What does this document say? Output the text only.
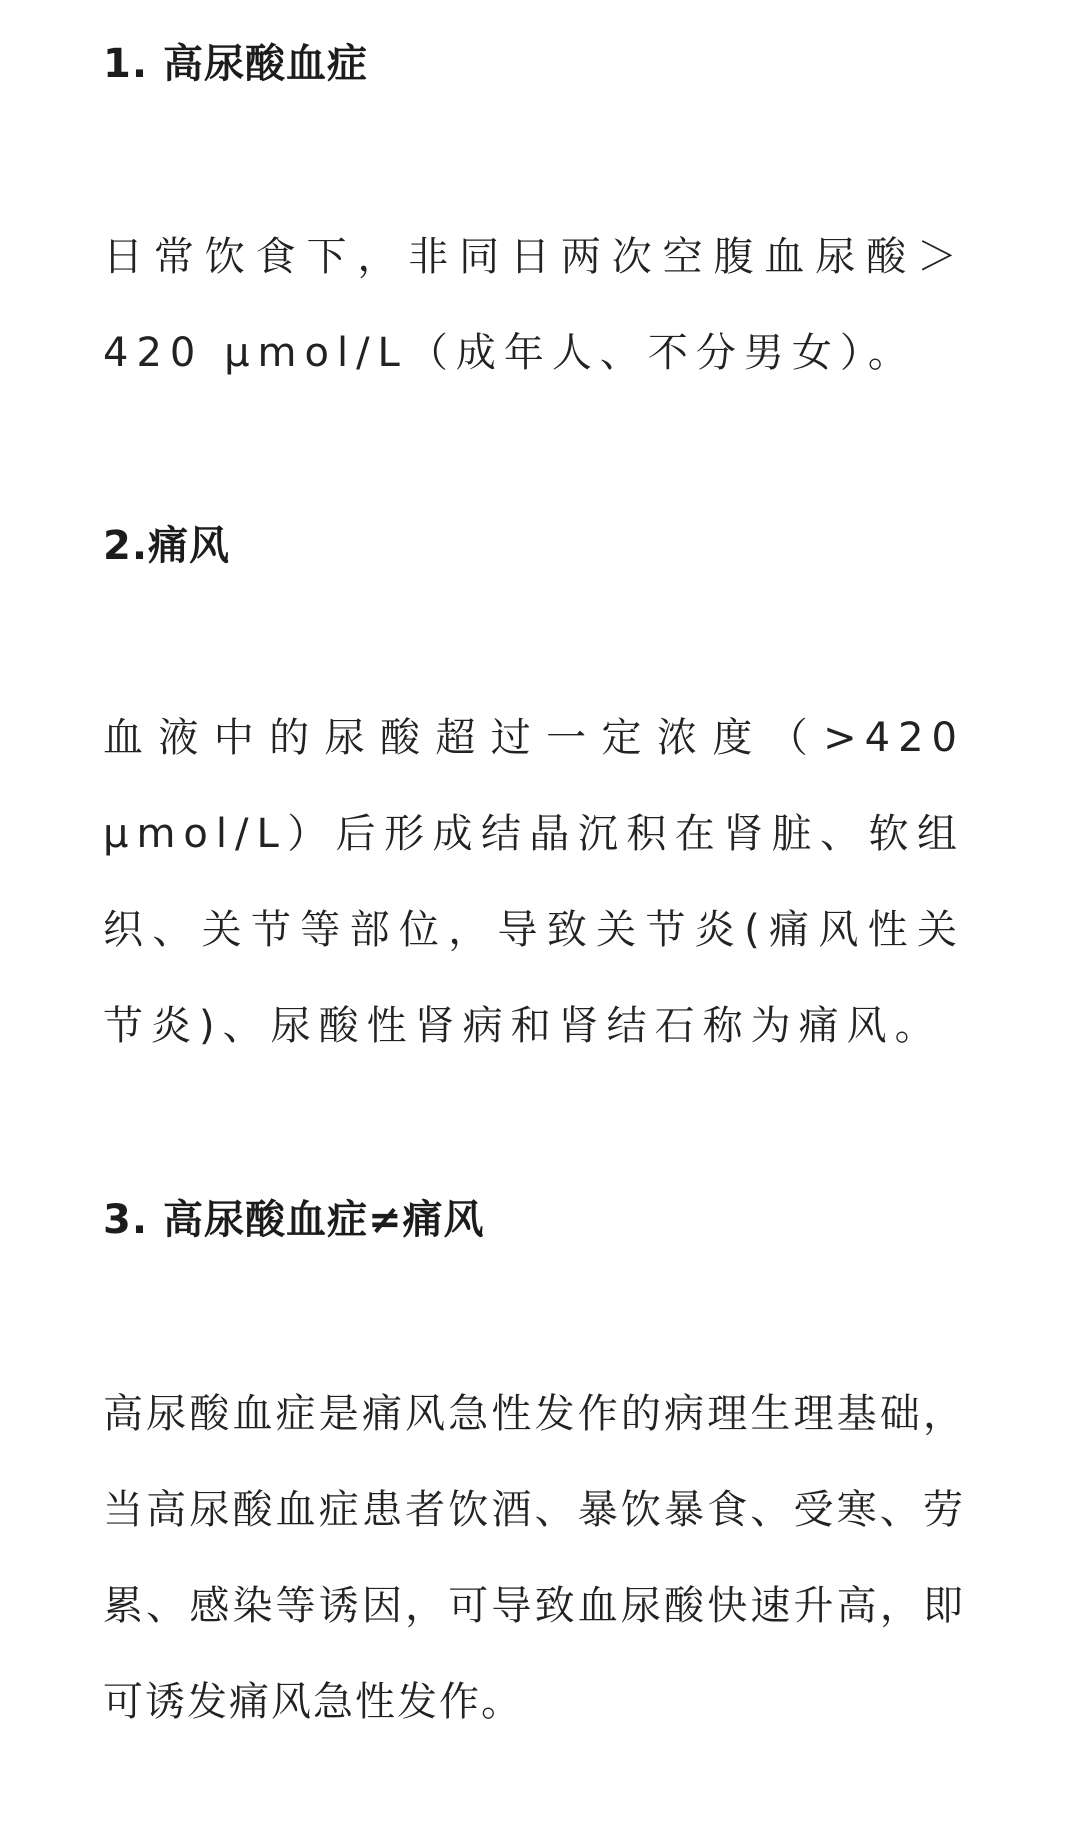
1. 高尿酸血症

日常饮食下，非同日两次空腹血尿酸＞420 μmol/L（成年人、不分男女）。

2.痛风

血液中的尿酸超过一定浓度（>420 μmol/L）后形成结晶沉积在肾脏、软组织、关节等部位，导致关节炎(痛风性关节炎)、尿酸性肾病和肾结石称为痛风。

3. 高尿酸血症≠痛风

高尿酸血症是痛风急性发作的病理生理基础，当高尿酸血症患者饮酒、暴饮暴食、受寒、劳累、感染等诱因，可导致血尿酸快速升高，即可诱发痛风急性发作。
